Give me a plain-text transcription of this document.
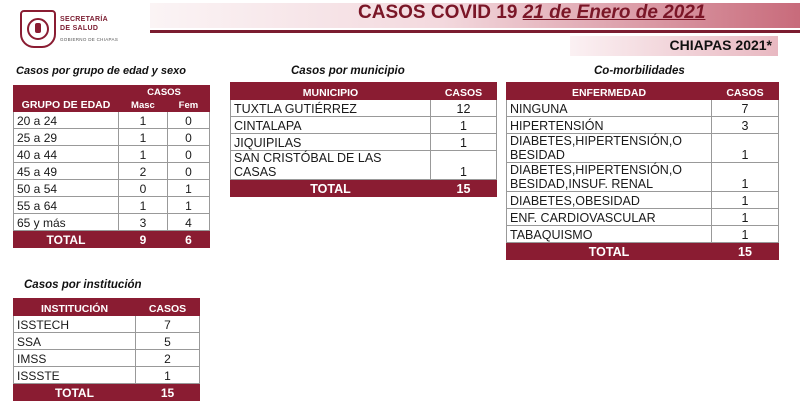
CASOS COVID 19 21 de Enero de 2021
SECRETARÍA
DE SALUD
GOBIERNO DE CHIAPAS	CHIAPAS 2021*
Casos por grupo de edad y sexo	Casos por municipio	Co-morbilidades
Casos por institución
GRUPO DE EDAD	CASOS	
	Masc	Fem
20 a 24	1	0
25 a 29	1	0
40 a 44	1	0
45 a 49	2	0
50 a 54	0	1
55 a 64	1	1
65 y más	3	4
TOTAL	9	6
MUNICIPIO	CASOS
TUXTLA GUTIÉRREZ	12
CINTALAPA	1
JIQUIPILAS	1

SAN CRISTÓBAL DE LAS
CASAS	1
TOTAL	15
ENFERMEDAD	CASOS
NINGUNA	7
HIPERTENSIÓN	3

DIABETES,HIPERTENSIÓN,O
BESIDAD	1

DIABETES,HIPERTENSIÓN,O
BESIDAD,INSUF. RENAL	1
DIABETES,OBESIDAD	1
ENF. CARDIOVASCULAR	1
TABAQUISMO	1
TOTAL	15
INSTITUCIÓN	CASOS
ISSTECH	7
SSA	5
IMSS	2
ISSSTE	1
TOTAL	15
